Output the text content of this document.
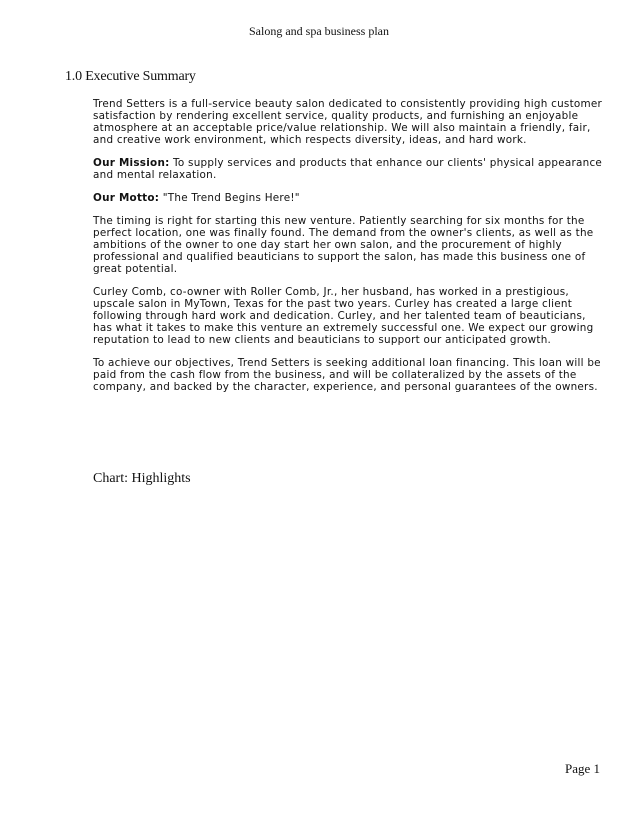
Salong and spa business plan
1.0 Executive Summary

Trend Setters is a full-service beauty salon dedicated to consistently providing high customer satisfaction by rendering excellent service, quality products, and furnishing an enjoyable atmosphere at an acceptable price/value relationship. We will also maintain a friendly, fair, and creative work environment, which respects diversity, ideas, and hard work.

Our Mission: To supply services and products that enhance our clients' physical appearance and mental relaxation.

Our Motto: "The Trend Begins Here!"

The timing is right for starting this new venture. Patiently searching for six months for the perfect location, one was finally found. The demand from the owner's clients, as well as the ambitions of the owner to one day start her own salon, and the procurement of highly professional and qualified beauticians to support the salon, has made this business one of great potential.

Curley Comb, co-owner with Roller Comb, Jr., her husband, has worked in a prestigious, upscale salon in MyTown, Texas for the past two years. Curley has created a large client following through hard work and dedication. Curley, and her talented team of beauticians, has what it takes to make this venture an extremely successful one. We expect our growing reputation to lead to new clients and beauticians to support our anticipated growth.

To achieve our objectives, Trend Setters is seeking additional loan financing. This loan will be paid from the cash flow from the business, and will be collateralized by the assets of the company, and backed by the character, experience, and personal guarantees of the owners.

Chart: Highlights
Page 1
